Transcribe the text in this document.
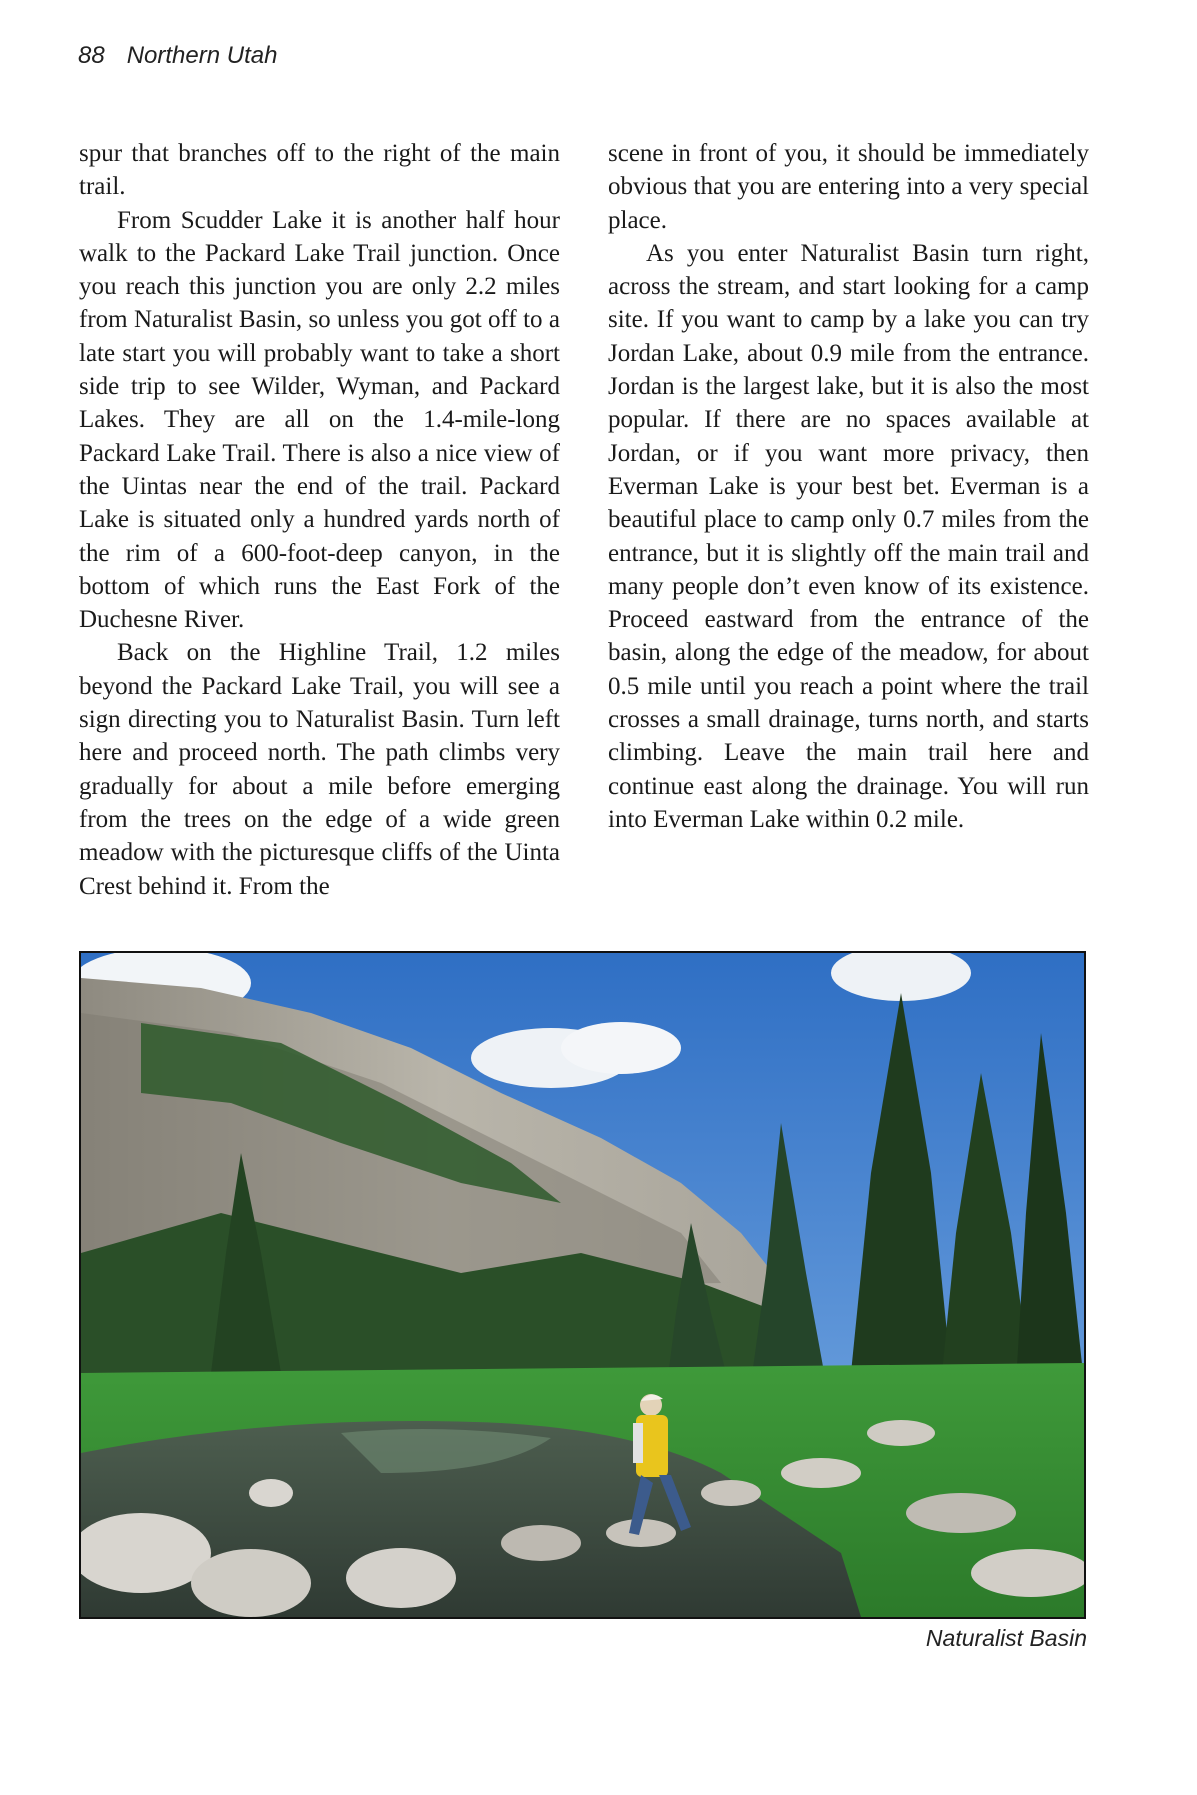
88 Northern Utah

spur that branches off to the right of the main trail.

From Scudder Lake it is another half hour walk to the Packard Lake Trail junction. Once you reach this junction you are only 2.2 miles from Naturalist Basin, so unless you got off to a late start you will probably want to take a short side trip to see Wilder, Wyman, and Packard Lakes. They are all on the 1.4-mile-long Packard Lake Trail. There is also a nice view of the Uintas near the end of the trail. Packard Lake is situated only a hundred yards north of the rim of a 600-foot-deep canyon, in the bottom of which runs the East Fork of the Duchesne River.

Back on the Highline Trail, 1.2 miles beyond the Packard Lake Trail, you will see a sign directing you to Naturalist Basin. Turn left here and proceed north. The path climbs very gradually for about a mile before emerging from the trees on the edge of a wide green meadow with the picturesque cliffs of the Uinta Crest behind it. From the

scene in front of you, it should be immediately obvious that you are entering into a very special place.

As you enter Naturalist Basin turn right, across the stream, and start looking for a camp site. If you want to camp by a lake you can try Jordan Lake, about 0.9 mile from the entrance. Jordan is the largest lake, but it is also the most popular. If there are no spaces available at Jordan, or if you want more privacy, then Everman Lake is your best bet. Everman is a beautiful place to camp only 0.7 miles from the entrance, but it is slightly off the main trail and many people don’t even know of its existence. Proceed eastward from the entrance of the basin, along the edge of the meadow, for about 0.5 mile until you reach a point where the trail crosses a small drainage, turns north, and starts climbing. Leave the main trail here and continue east along the drainage. You will run into Everman Lake within 0.2 mile.

Naturalist Basin
